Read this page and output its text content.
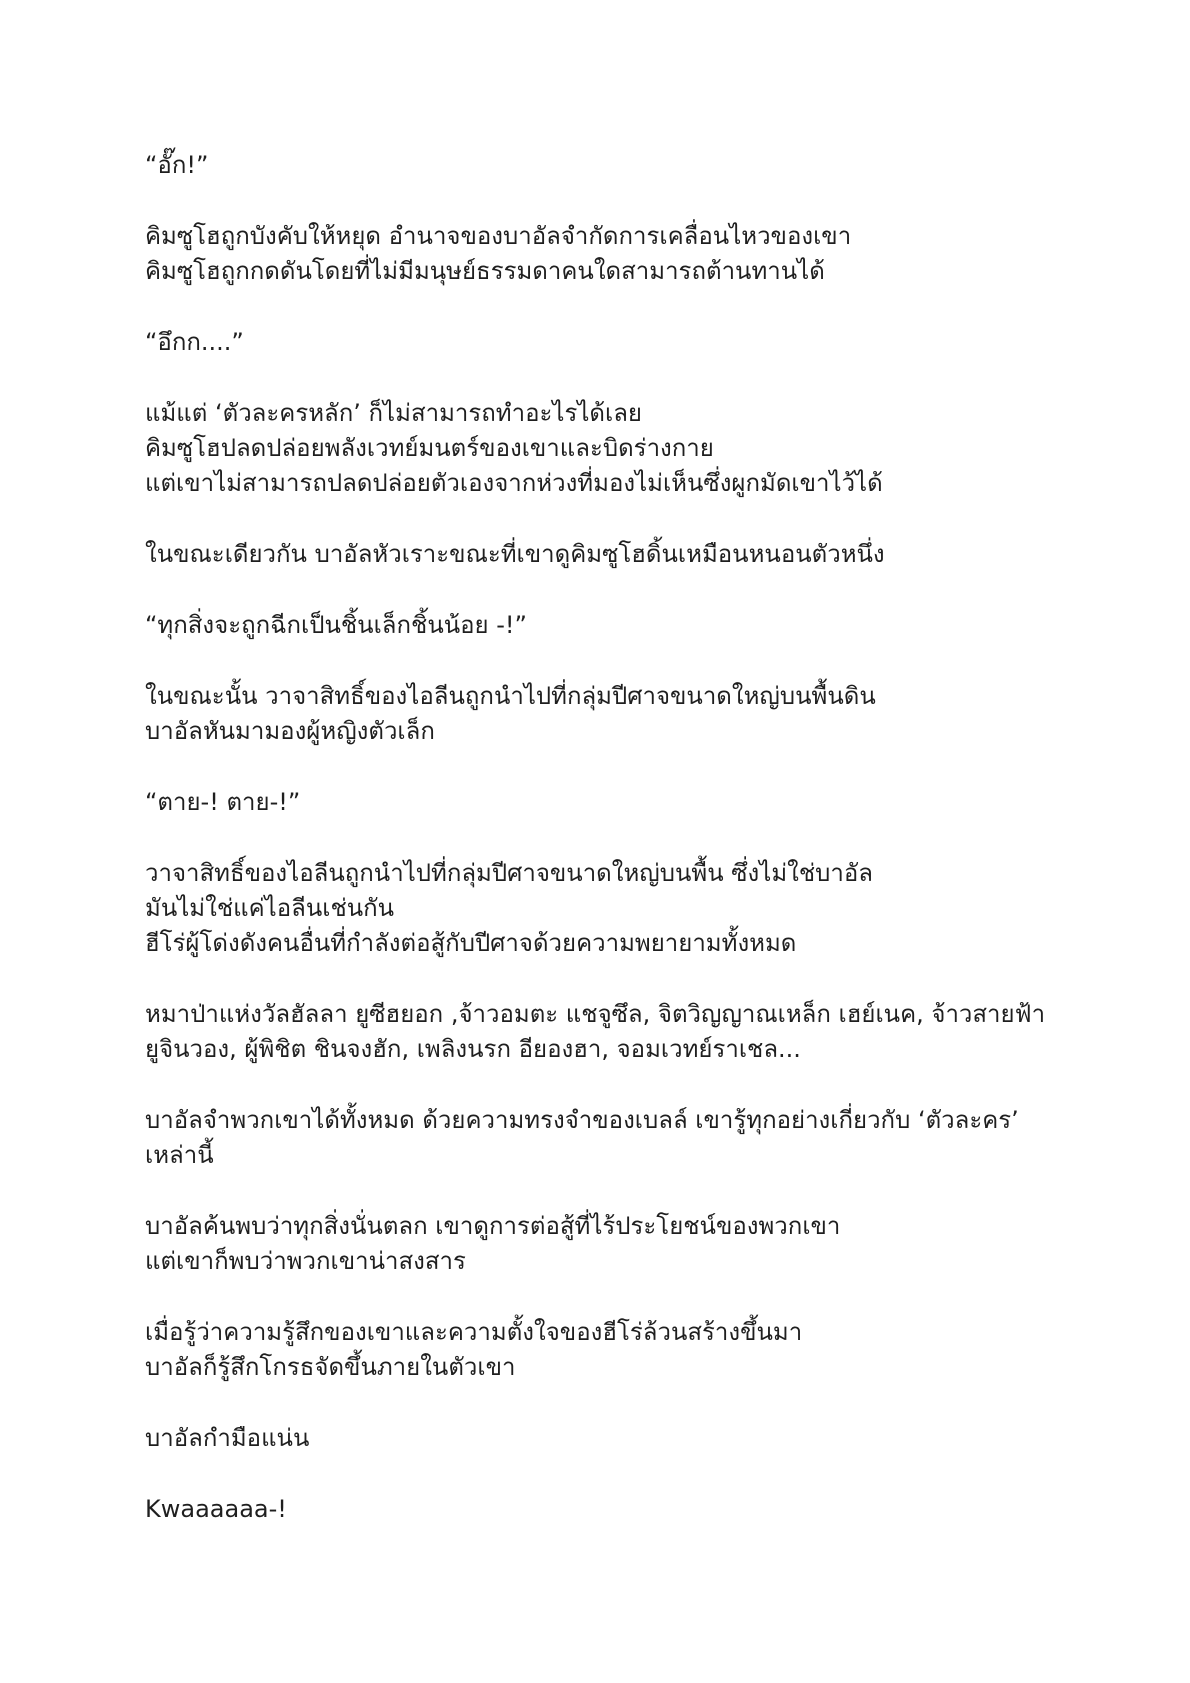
“อั๊ก!”

คิมซูโฮถูกบังคับให้หยุด อำนาจของบาอัลจำกัดการเคลื่อนไหวของเขา
คิมซูโฮถูกกดดันโดยที่ไม่มีมนุษย์ธรรมดาคนใดสามารถต้านทานได้

“อึกก....”

แม้แต่ ‘ตัวละครหลัก’ ก็ไม่สามารถทำอะไรได้เลย
คิมซูโฮปลดปล่อยพลังเวทย์มนตร์ของเขาและบิดร่างกาย
แต่เขาไม่สามารถปลดปล่อยตัวเองจากห่วงที่มองไม่เห็นซึ่งผูกมัดเขาไว้ได้

ในขณะเดียวกัน บาอัลหัวเราะขณะที่เขาดูคิมซูโฮดิ้นเหมือนหนอนตัวหนึ่ง

“ทุกสิ่งจะถูกฉีกเป็นชิ้นเล็กชิ้นน้อย -!”

ในขณะนั้น วาจาสิทธิ์ของไอลีนถูกนำไปที่กลุ่มปีศาจขนาดใหญ่บนพื้นดิน
บาอัลหันมามองผู้หญิงตัวเล็ก

“ตาย-! ตาย-!”

วาจาสิทธิ์ของไอลีนถูกนำไปที่กลุ่มปีศาจขนาดใหญ่บนพื้น ซึ่งไม่ใช่บาอัล
มันไม่ใช่แค่ไอลีนเช่นกัน
ฮีโร่ผู้โด่งดังคนอื่นที่กำลังต่อสู้กับปีศาจด้วยความพยายามทั้งหมด

หมาป่าแห่งวัลฮัลลา ยูซีฮยอก ,จ้าวอมตะ แชจูซึล, จิตวิญญาณเหล็ก เฮย์เนค, จ้าวสายฟ้า
ยูจินวอง, ผู้พิชิต ชินจงฮัก, เพลิงนรก อียองฮา, จอมเวทย์ราเชล...

บาอัลจำพวกเขาได้ทั้งหมด ด้วยความทรงจำของเบลล์ เขารู้ทุกอย่างเกี่ยวกับ ‘ตัวละคร’
เหล่านี้

บาอัลค้นพบว่าทุกสิ่งนั่นตลก เขาดูการต่อสู้ที่ไร้ประโยชน์ของพวกเขา
แต่เขาก็พบว่าพวกเขาน่าสงสาร

เมื่อรู้ว่าความรู้สึกของเขาและความตั้งใจของฮีโร่ล้วนสร้างขึ้นมา
บาอัลก็รู้สึกโกรธจัดขึ้นภายในตัวเขา

บาอัลกำมือแน่น

Kwaaaaaa-!
